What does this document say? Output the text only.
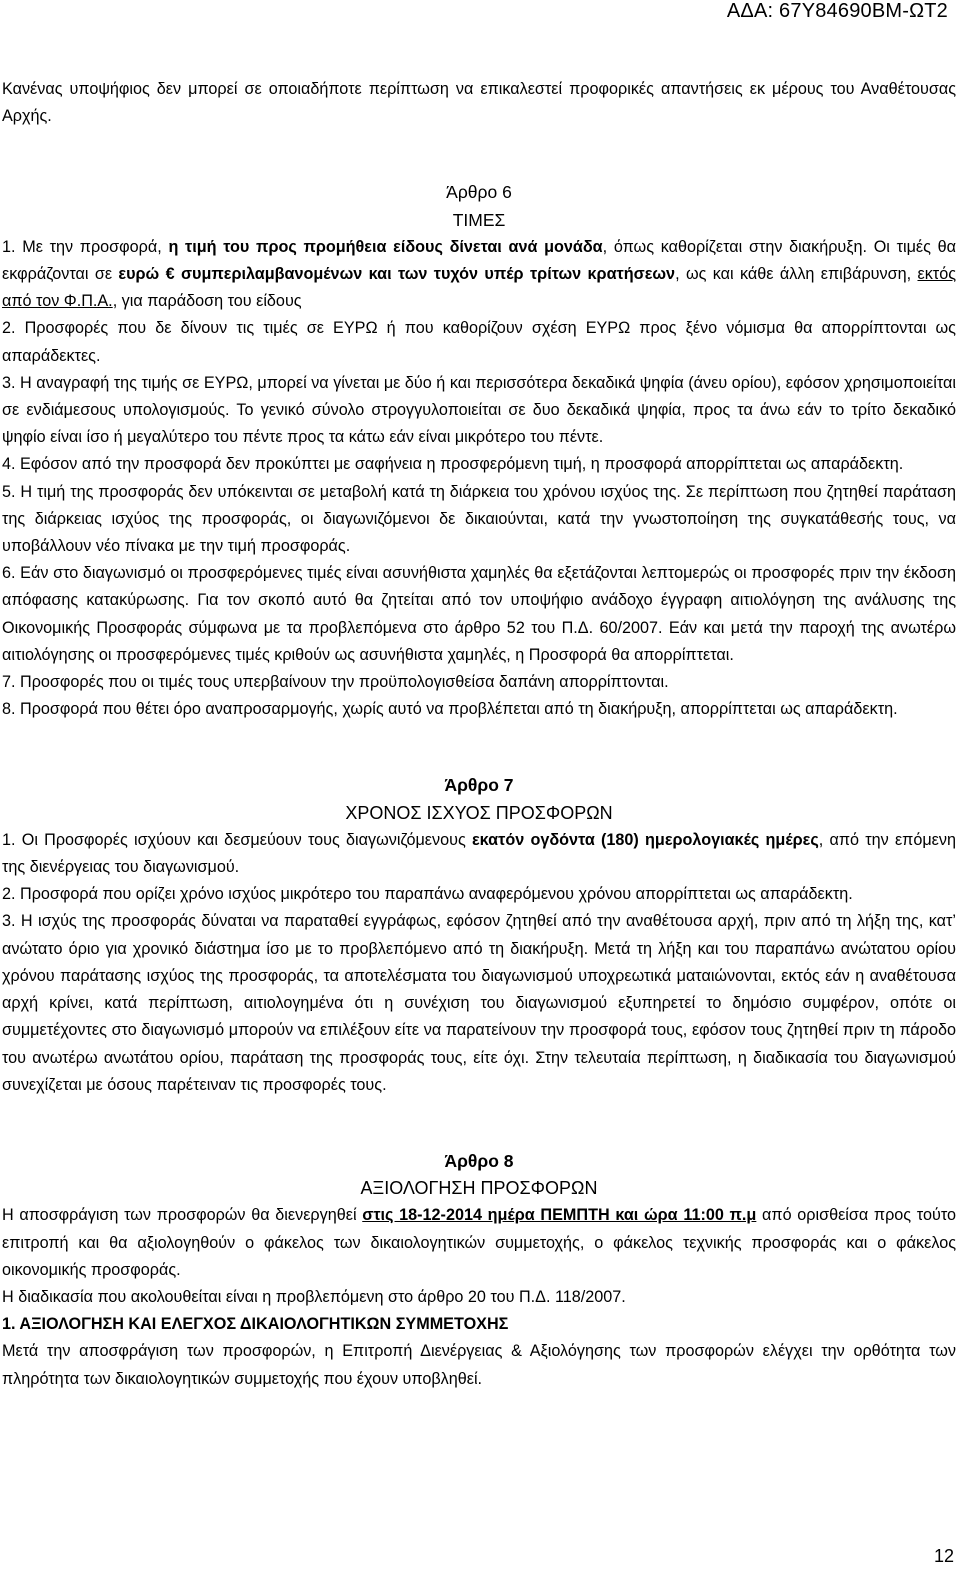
ΑΔΑ: 67Υ84690ΒΜ-ΩΤ2

Κανένας υποψήφιος δεν μπορεί σε οποιαδήποτε περίπτωση να επικαλεστεί προφορικές απαντήσεις εκ μέρους του Αναθέτουσας Αρχής.

Άρθρο 6

ΤΙΜΕΣ

1. Με την προσφορά, η τιμή του προς προμήθεια είδους δίνεται ανά μονάδα, όπως καθορίζεται στην διακήρυξη. Οι τιμές θα εκφράζονται σε ευρώ € συμπεριλαμβανομένων και των τυχόν υπέρ τρίτων κρατήσεων, ως και κάθε άλλη επιβάρυνση, εκτός από τον Φ.Π.Α., για παράδοση του είδους

2. Προσφορές που δε δίνουν τις τιμές σε ΕΥΡΩ ή που καθορίζουν σχέση ΕΥΡΩ προς ξένο νόμισμα θα απορρίπτονται ως απαράδεκτες.

3. Η αναγραφή της τιμής σε ΕΥΡΩ, μπορεί να γίνεται με δύο ή και περισσότερα δεκαδικά ψηφία (άνευ ορίου), εφόσον χρησιμοποιείται σε ενδιάμεσους υπολογισμούς. Το γενικό σύνολο στρογγυλοποιείται σε δυο δεκαδικά ψηφία, προς τα άνω εάν το τρίτο δεκαδικό ψηφίο είναι ίσο ή μεγαλύτερο του πέντε προς τα κάτω εάν είναι μικρότερο του πέντε.

4. Εφόσον από την προσφορά δεν προκύπτει με σαφήνεια η προσφερόμενη τιμή, η προσφορά απορρίπτεται ως απαράδεκτη.

5. Η τιμή της προσφοράς δεν υπόκεινται σε μεταβολή κατά τη διάρκεια του χρόνου ισχύος της. Σε περίπτωση που ζητηθεί παράταση της διάρκειας ισχύος της προσφοράς, οι διαγωνιζόμενοι δε δικαιούνται, κατά την γνωστοποίηση της συγκατάθεσής τους, να υποβάλλουν νέο πίνακα με την τιμή προσφοράς.

6. Εάν στο διαγωνισμό οι προσφερόμενες τιμές είναι ασυνήθιστα χαμηλές θα εξετάζονται λεπτομερώς οι προσφορές πριν την έκδοση απόφασης κατακύρωσης. Για τον σκοπό αυτό θα ζητείται από τον υποψήφιο ανάδοχο έγγραφη αιτιολόγηση της ανάλυσης της Οικονομικής Προσφοράς σύμφωνα με τα προβλεπόμενα στο άρθρο 52 του Π.Δ. 60/2007. Εάν και μετά την παροχή της ανωτέρω αιτιολόγησης οι προσφερόμενες τιμές κριθούν ως ασυνήθιστα χαμηλές, η Προσφορά θα απορρίπτεται.

7. Προσφορές που οι τιμές τους υπερβαίνουν την προϋπολογισθείσα δαπάνη απορρίπτονται.

8. Προσφορά που θέτει όρο αναπροσαρμογής, χωρίς αυτό να προβλέπεται από τη διακήρυξη, απορρίπτεται ως απαράδεκτη.

Άρθρο 7

ΧΡΟΝΟΣ ΙΣΧΥΟΣ ΠΡΟΣΦΟΡΩΝ

1. Οι Προσφορές ισχύουν και δεσμεύουν τους διαγωνιζόμενους εκατόν ογδόντα (180) ημερολογιακές ημέρες, από την επόμενη της διενέργειας του διαγωνισμού.

2. Προσφορά που ορίζει χρόνο ισχύος μικρότερο του παραπάνω αναφερόμενου χρόνου απορρίπτεται ως απαράδεκτη.

3. Η ισχύς της προσφοράς δύναται να παραταθεί εγγράφως, εφόσον ζητηθεί από την αναθέτουσα αρχή, πριν από τη λήξη της, κατ’ ανώτατο όριο για χρονικό διάστημα ίσο με το προβλεπόμενο από τη διακήρυξη. Μετά τη λήξη και του παραπάνω ανώτατου ορίου χρόνου παράτασης ισχύος της προσφοράς, τα αποτελέσματα του διαγωνισμού υποχρεωτικά ματαιώνονται, εκτός εάν η αναθέτουσα αρχή κρίνει, κατά περίπτωση, αιτιολογημένα ότι η συνέχιση του διαγωνισμού εξυπηρετεί το δημόσιο συμφέρον, οπότε οι συμμετέχοντες στο διαγωνισμό μπορούν να επιλέξουν είτε να παρατείνουν την προσφορά τους, εφόσον τους ζητηθεί πριν τη πάροδο του ανωτέρω ανωτάτου ορίου, παράταση της προσφοράς τους, είτε όχι. Στην τελευταία περίπτωση, η διαδικασία του διαγωνισμού συνεχίζεται με όσους παρέτειναν τις προσφορές τους.

Άρθρο 8

ΑΞΙΟΛΟΓΗΣΗ ΠΡΟΣΦΟΡΩΝ

Η αποσφράγιση των προσφορών θα διενεργηθεί στις 18-12-2014 ημέρα ΠΕΜΠΤΗ και ώρα 11:00 π.μ από ορισθείσα προς τούτο επιτροπή και θα αξιολογηθούν ο φάκελος των δικαιολογητικών συμμετοχής, ο φάκελος τεχνικής προσφοράς και ο φάκελος οικονομικής προσφοράς.

Η διαδικασία που ακολουθείται είναι η προβλεπόμενη στο άρθρο 20 του Π.Δ. 118/2007.

1. ΑΞΙΟΛΟΓΗΣΗ ΚΑΙ ΕΛΕΓΧΟΣ ΔΙΚΑΙΟΛΟΓΗΤΙΚΩΝ ΣΥΜΜΕΤΟΧΗΣ

Μετά την αποσφράγιση των προσφορών, η Επιτροπή Διενέργειας & Αξιολόγησης των προσφορών ελέγχει την ορθότητα των πληρότητα των δικαιολογητικών συμμετοχής που έχουν υποβληθεί.

12
